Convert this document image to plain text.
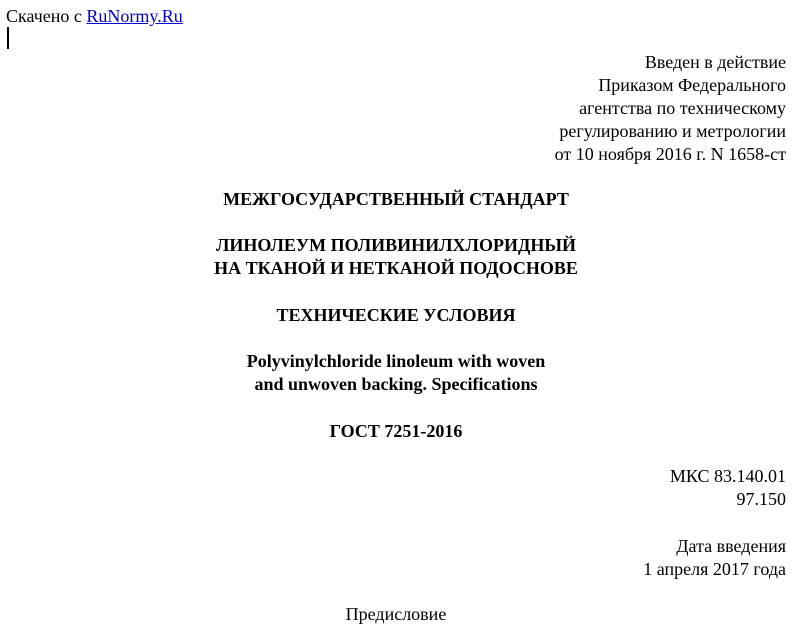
Скачено с RuNormy.Ru
Введен в действие
Приказом Федерального
агентства по техническому
регулированию и метрологии
от 10 ноября 2016 г. N 1658-ст
МЕЖГОСУДАРСТВЕННЫЙ СТАНДАРТ
ЛИНОЛЕУМ ПОЛИВИНИЛХЛОРИДНЫЙ
НА ТКАНОЙ И НЕТКАНОЙ ПОДОСНОВЕ
ТЕХНИЧЕСКИЕ УСЛОВИЯ
Polyvinylchloride linoleum with woven
and unwoven backing. Specifications
ГОСТ 7251-2016
МКС 83.140.01
97.150
Дата введения
1 апреля 2017 года
Предисловие
